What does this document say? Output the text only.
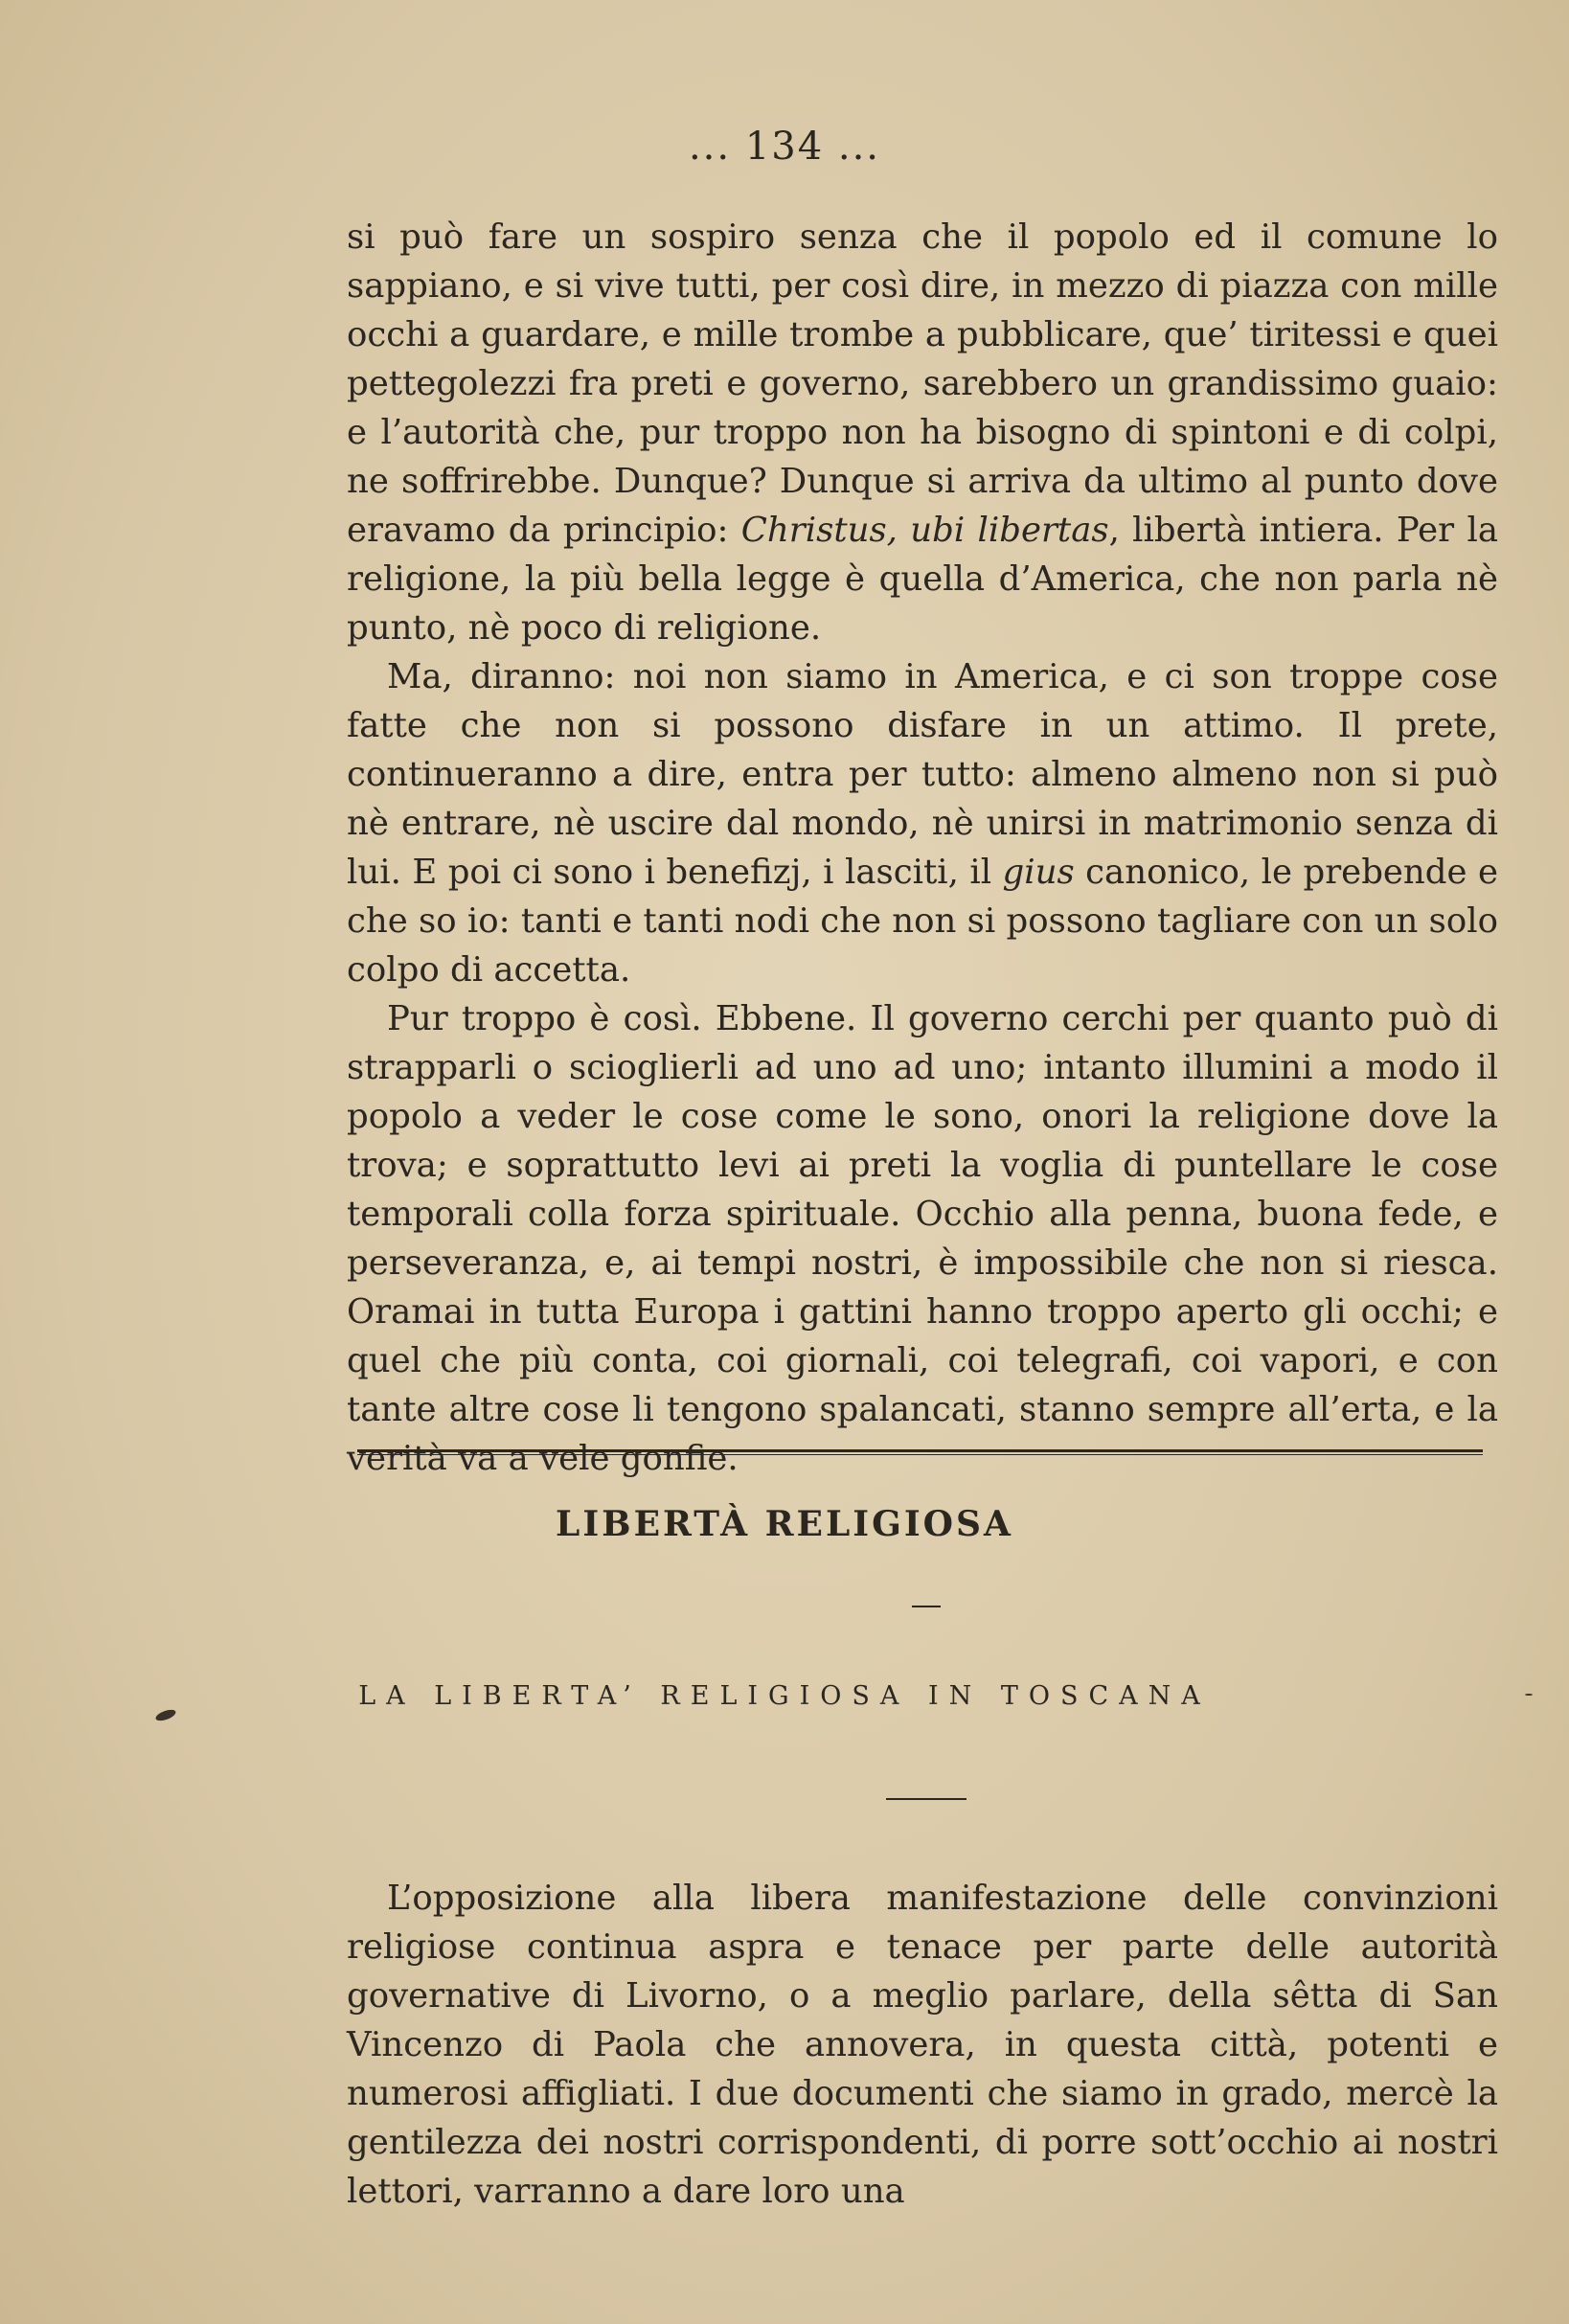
... 134 ...

si può fare un sospiro senza che il popolo ed il comune lo sappiano, e si vive tutti, per così dire, in mezzo di piazza con mille occhi a guardare, e mille trombe a pubblicare, que’ tiritessi e quei pettegolezzi fra preti e governo, sarebbero un grandissimo guaio: e l’autorità che, pur troppo non ha bisogno di spintoni e di colpi, ne soffrirebbe. Dunque? Dunque si arriva da ultimo al punto dove eravamo da principio: Christus, ubi libertas, libertà intiera. Per la religione, la più bella legge è quella d’America, che non parla nè punto, nè poco di religione.

Ma, diranno: noi non siamo in America, e ci son troppe cose fatte che non si possono disfare in un attimo. Il prete, continueranno a dire, entra per tutto: almeno almeno non si può nè entrare, nè uscire dal mondo, nè unirsi in matrimonio senza di lui. E poi ci sono i benefizj, i lasciti, il gius canonico, le prebende e che so io: tanti e tanti nodi che non si possono tagliare con un solo colpo di accetta.

Pur troppo è così. Ebbene. Il governo cerchi per quanto può di strapparli o scioglierli ad uno ad uno; intanto illumini a modo il popolo a veder le cose come le sono, onori la religione dove la trova; e soprattutto levi ai preti la voglia di puntellare le cose temporali colla forza spirituale. Occhio alla penna, buona fede, e perseveranza, e, ai tempi nostri, è impossibile che non si riesca. Oramai in tutta Europa i gattini hanno troppo aperto gli occhi; e quel che più conta, coi giornali, coi telegrafi, coi vapori, e con tante altre cose li tengono spalancati, stanno sempre all’erta, e la verità va a vele gonfie.

LIBERTÀ RELIGIOSA
LA LIBERTA’ RELIGIOSA IN TOSCANA

L’opposizione alla libera manifestazione delle convinzioni religiose continua aspra e tenace per parte delle autorità governative di Livorno, o a meglio parlare, della sêtta di San Vincenzo di Paola che annovera, in questa città, potenti e numerosi affigliati. I due documenti che siamo in grado, mercè la gentilezza dei nostri corrispondenti, di porre sott’occhio ai nostri lettori, varranno a dare loro una
